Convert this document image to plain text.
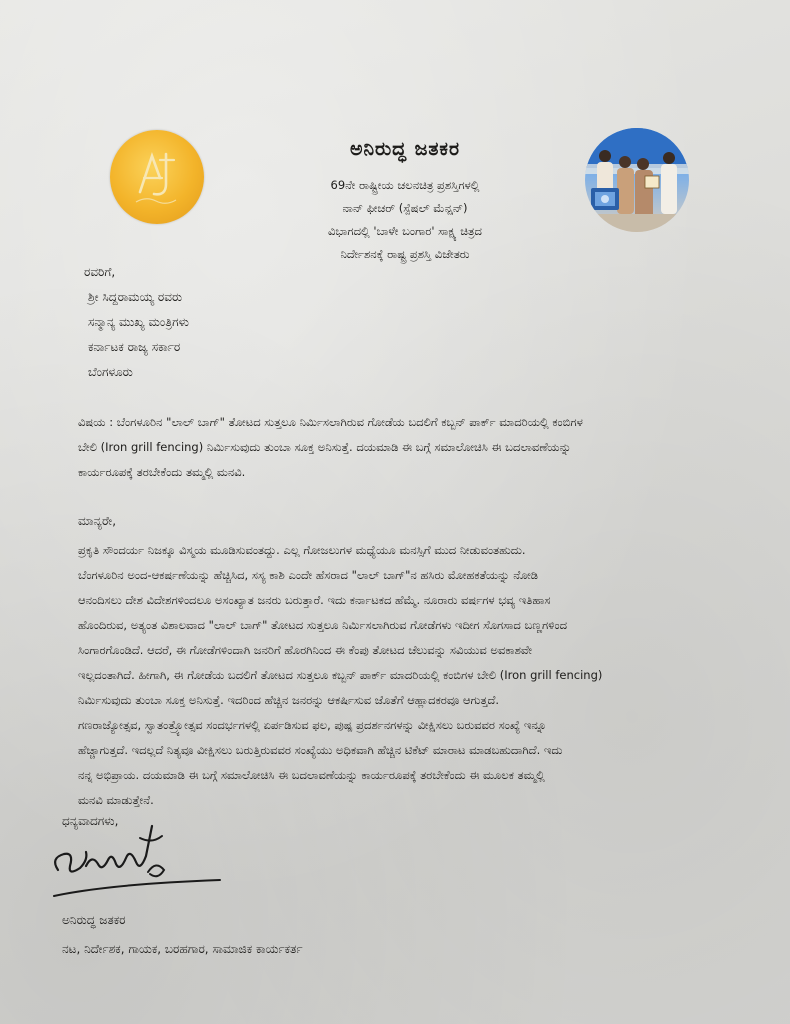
ಅನಿರುದ್ಧ ಜತಕರ
69ನೇ ರಾಷ್ಟ್ರೀಯ ಚಲನಚಿತ್ರ ಪ್ರಶಸ್ತಿಗಳಲ್ಲಿ
ನಾನ್ ಫೀಚರ್ (ಸ್ಪೆಷಲ್ ಮೆನ್ಷನ್)
ವಿಭಾಗದಲ್ಲಿ 'ಬಾಳೇ ಬಂಗಾರ' ಸಾಕ್ಷ್ಯ ಚಿತ್ರದ
ನಿರ್ದೇಶನಕ್ಕೆ ರಾಷ್ಟ್ರ ಪ್ರಶಸ್ತಿ ವಿಜೇತರು
ರವರಿಗೆ,
ಶ್ರೀ ಸಿದ್ದರಾಮಯ್ಯ ರವರು
ಸನ್ಮಾನ್ಯ ಮುಖ್ಯ ಮಂತ್ರಿಗಳು
ಕರ್ನಾಟಕ ರಾಜ್ಯ ಸರ್ಕಾರ
ಬೆಂಗಳೂರು
ವಿಷಯ : ಬೆಂಗಳೂರಿನ "ಲಾಲ್ ಬಾಗ್" ತೋಟದ ಸುತ್ತಲೂ ನಿರ್ಮಿಸಲಾಗಿರುವ ಗೋಡೆಯ ಬದಲಿಗೆ ಕಬ್ಬನ್ ಪಾರ್ಕ್ ಮಾದರಿಯಲ್ಲಿ ಕಂಬಿಗಳ
ಬೇಲಿ (Iron grill fencing) ನಿರ್ಮಿಸುವುದು ತುಂಬಾ ಸೂಕ್ತ ಅನಿಸುತ್ತೆ. ದಯಮಾಡಿ ಈ ಬಗ್ಗೆ ಸಮಾಲೋಚಿಸಿ ಈ ಬದಲಾವಣೆಯನ್ನು
ಕಾರ್ಯರೂಪಕ್ಕೆ ತರಬೇಕೆಂದು ತಮ್ಮಲ್ಲಿ ಮನವಿ.
ಮಾನ್ಯರೇ,
ಪ್ರಕೃತಿ ಸೌಂದರ್ಯ ನಿಜಕ್ಕೂ ವಿಸ್ಮಯ ಮೂಡಿಸುವಂತದ್ದು. ಎಲ್ಲ ಗೋಜಲುಗಳ ಮಧ್ಯೆಯೂ ಮನಸ್ಸಿಗೆ ಮುದ ನೀಡುವಂತಹುದು.
ಬೆಂಗಳೂರಿನ ಅಂದ-ಆಕರ್ಷಣೆಯನ್ನು ಹೆಚ್ಚಿಸಿದ, ಸಸ್ಯ ಕಾಶಿ ಎಂದೇ ಹೆಸರಾದ "ಲಾಲ್ ಬಾಗ್"ನ ಹಸಿರು ಮೋಹಕತೆಯನ್ನು ನೋಡಿ
ಆನಂದಿಸಲು ದೇಶ ವಿದೇಶಗಳಿಂದಲೂ ಅಸಂಖ್ಯಾತ ಜನರು ಬರುತ್ತಾರೆ. ಇದು ಕರ್ನಾಟಕದ ಹೆಮ್ಮೆ. ನೂರಾರು ವರ್ಷಗಳ ಭವ್ಯ ಇತಿಹಾಸ
ಹೊಂದಿರುವ, ಅತ್ಯಂತ ವಿಶಾಲವಾದ "ಲಾಲ್ ಬಾಗ್" ತೋಟದ ಸುತ್ತಲೂ ನಿರ್ಮಿಸಲಾಗಿರುವ ಗೋಡೆಗಳು ಇದೀಗ ಸೊಗಸಾದ ಬಣ್ಣಗಳಿಂದ
ಸಿಂಗಾರಗೊಂಡಿದೆ. ಆದರೆ, ಈ ಗೋಡೆಗಳಿಂದಾಗಿ ಜನರಿಗೆ ಹೊರಗಿನಿಂದ ಈ ಕೆಂಪು ತೋಟದ ಚೆಲುವನ್ನು ಸವಿಯುವ ಅವಕಾಶವೇ
ಇಲ್ಲದಂತಾಗಿದೆ. ಹೀಗಾಗಿ, ಈ ಗೋಡೆಯ ಬದಲಿಗೆ ತೋಟದ ಸುತ್ತಲೂ ಕಬ್ಬನ್ ಪಾರ್ಕ್ ಮಾದರಿಯಲ್ಲಿ ಕಂಬಿಗಳ ಬೇಲಿ (Iron grill fencing)
ನಿರ್ಮಿಸುವುದು ತುಂಬಾ ಸೂಕ್ತ ಅನಿಸುತ್ತೆ. ಇದರಿಂದ ಹೆಚ್ಚಿನ ಜನರನ್ನು ಆಕರ್ಷಿಸುವ ಜೊತೆಗೆ ಆಹ್ಲಾದಕರವೂ ಆಗುತ್ತದೆ.
ಗಣರಾಜ್ಯೋತ್ಸವ, ಸ್ವಾತಂತ್ರ್ಯೋತ್ಸವ ಸಂದರ್ಭಗಳಲ್ಲಿ ಏರ್ಪಡಿಸುವ ಫಲ, ಪುಷ್ಪ ಪ್ರದರ್ಶನಗಳನ್ನು ವೀಕ್ಷಿಸಲು ಬರುವವರ ಸಂಖ್ಯೆ ಇನ್ನೂ
ಹೆಚ್ಚಾಗುತ್ತದೆ. ಇದಲ್ಲದೆ ನಿತ್ಯವೂ ವೀಕ್ಷಿಸಲು ಬರುತ್ತಿರುವವರ ಸಂಖ್ಯೆಯು ಅಧಿಕವಾಗಿ ಹೆಚ್ಚಿನ ಟಿಕೆಟ್ ಮಾರಾಟ ಮಾಡಬಹುದಾಗಿದೆ. ಇದು
ನನ್ನ ಅಭಿಪ್ರಾಯ. ದಯಮಾಡಿ ಈ ಬಗ್ಗೆ ಸಮಾಲೋಚಿಸಿ ಈ ಬದಲಾವಣೆಯನ್ನು ಕಾರ್ಯರೂಪಕ್ಕೆ ತರಬೇಕೆಂದು ಈ ಮೂಲಕ ತಮ್ಮಲ್ಲಿ
ಮನವಿ ಮಾಡುತ್ತೇನೆ.
ಧನ್ಯವಾದಗಳು,
ಅನಿರುದ್ಧ ಜತಕರ
ನಟ, ನಿರ್ದೇಶಕ, ಗಾಯಕ, ಬರಹಗಾರ, ಸಾಮಾಜಿಕ ಕಾರ್ಯಕರ್ತ
